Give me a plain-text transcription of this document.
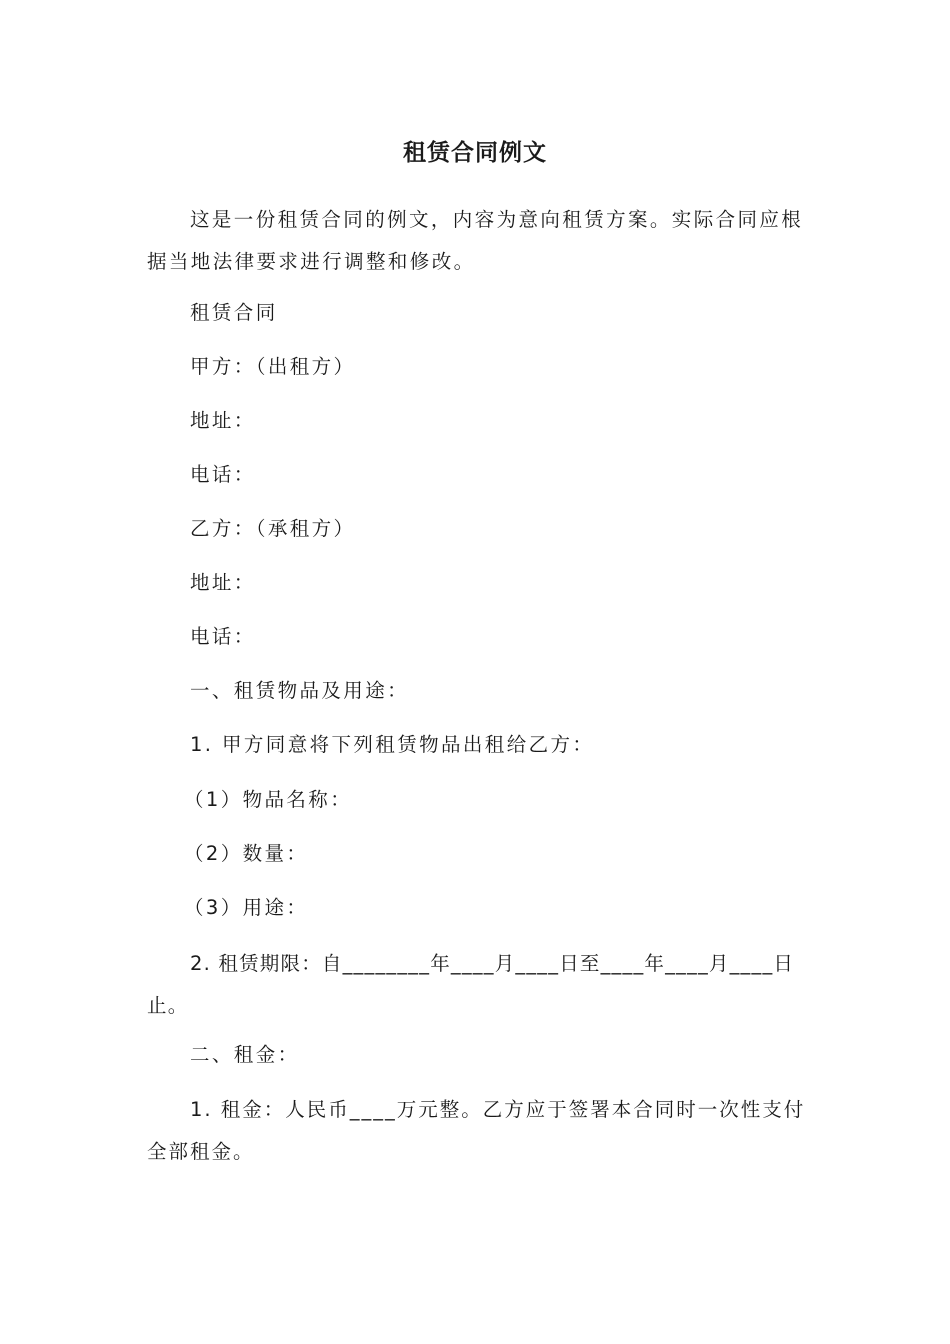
租赁合同例文
这是一份租赁合同的例文，内容为意向租赁方案。实际合同应根据当地法律要求进行调整和修改。
租赁合同
甲方：（出租方）
地址：
电话：
乙方：（承租方）
地址：
电话：
一、租赁物品及用途：
1. 甲方同意将下列租赁物品出租给乙方：
（1）物品名称：
（2）数量：
（3）用途：
2. 租赁期限：自________年____月____日至____年____月____日止。
二、租金：
1. 租金：人民币____万元整。乙方应于签署本合同时一次性支付全部租金。
